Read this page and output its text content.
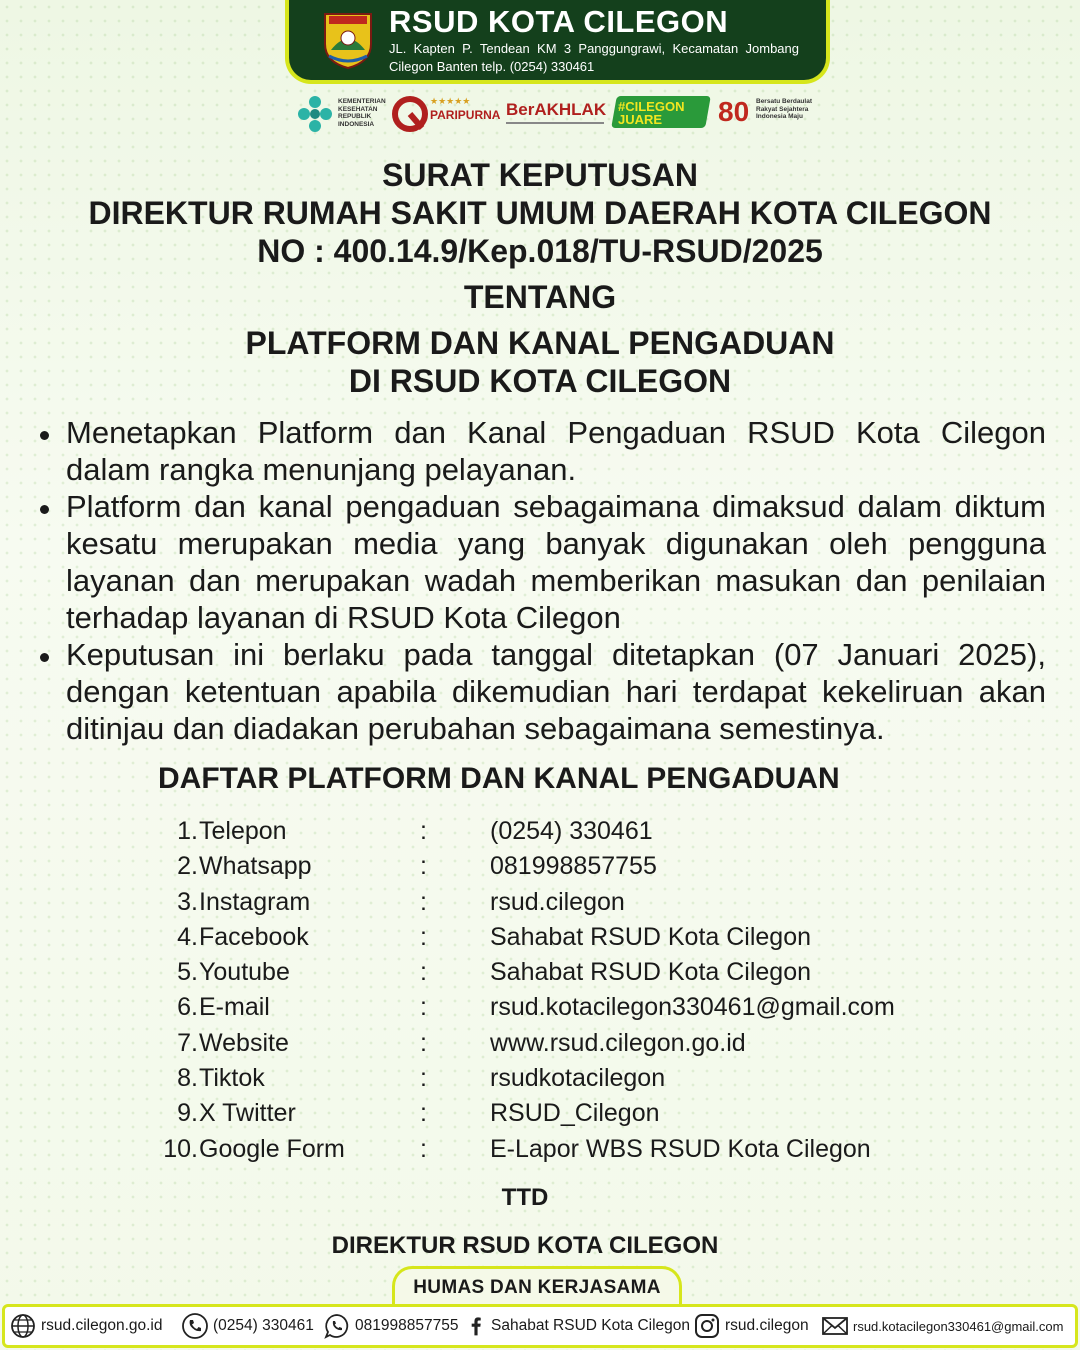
RSUD KOTA CILEGON
JL. Kapten P. Tendean KM 3 Panggungrawi, Kecamatan Jombang Cilegon Banten telp. (0254) 330461
KEMENTERIAN KESEHATAN REPUBLIK INDONESIA
★★★★★
PARIPURNA BerAKHLAK #CILEGON JUARE	80 Bersatu Berdaulat Rakyat Sejahtera Indonesia Maju
SURAT KEPUTUSAN
DIREKTUR RUMAH SAKIT UMUM DAERAH KOTA CILEGON
NO : 400.14.9/Kep.018/TU-RSUD/2025
TENTANG
PLATFORM DAN KANAL PENGADUAN
DI RSUD KOTA CILEGON
Menetapkan Platform dan Kanal Pengaduan RSUD Kota Cilegon dalam rangka menunjang pelayanan.
Platform dan kanal pengaduan sebagaimana dimaksud dalam diktum kesatu merupakan media yang banyak digunakan oleh pengguna layanan dan merupakan wadah memberikan masukan dan penilaian terhadap layanan di RSUD Kota Cilegon
Keputusan ini berlaku pada tanggal ditetapkan (07 Januari 2025), dengan ketentuan apabila dikemudian hari terdapat kekeliruan akan ditinjau dan diadakan perubahan sebagaimana semestinya.
DAFTAR PLATFORM DAN KANAL PENGADUAN
1. Telepon	:	(0254) 330461
2. Whatsapp	:	081998857755
3. Instagram	:	rsud.cilegon
4. Facebook	:	Sahabat RSUD Kota Cilegon
5. Youtube	:	Sahabat RSUD Kota Cilegon
6. E-mail	:	rsud.kotacilegon330461@gmail.com
7. Website	:	www.rsud.cilegon.go.id
8. Tiktok	:	rsudkotacilegon
9. X Twitter	:	RSUD_Cilegon
10. Google Form	:	E-Lapor WBS RSUD Kota Cilegon
TTD
DIREKTUR RSUD KOTA CILEGON
HUMAS DAN KERJASAMA
rsud.cilegon.go.id	(0254) 330461	081998857755 Sahabat RSUD Kota Cilegon rsud.cilegon	rsud.kotacilegon330461@gmail.com
